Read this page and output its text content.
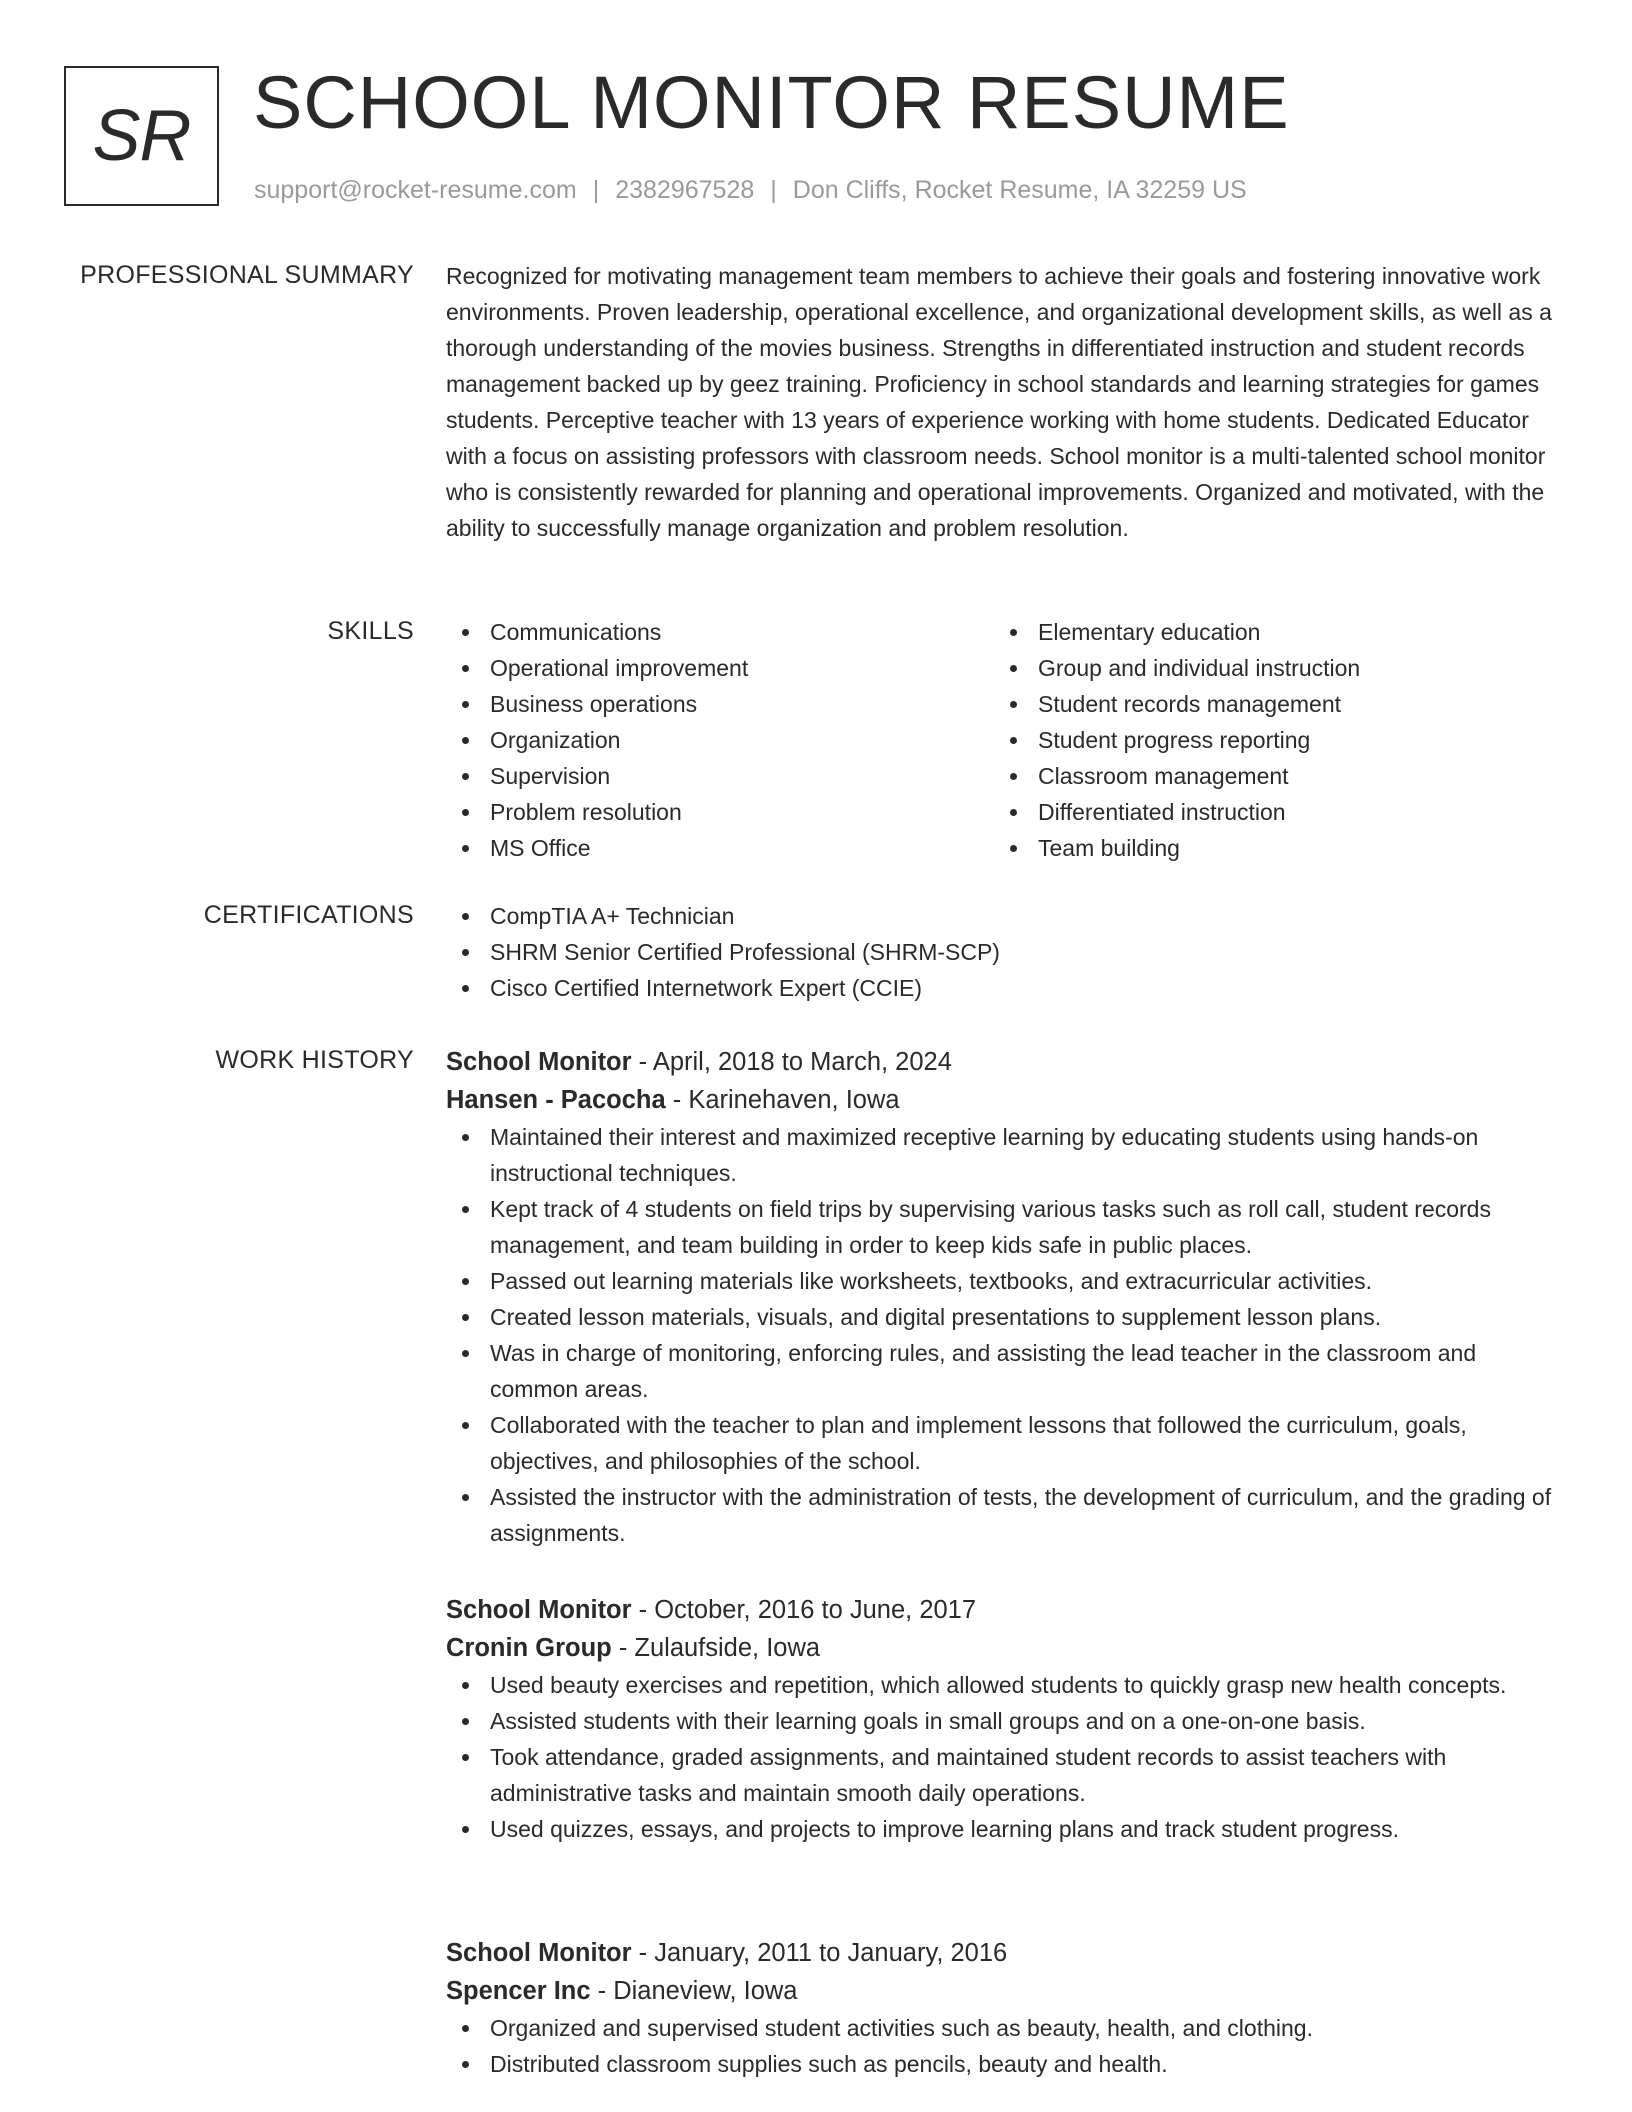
SR SCHOOL MONITOR RESUME
support@rocket-resume.com | 2382967528 | Don Cliffs, Rocket Resume, IA 32259 US
PROFESSIONAL SUMMARY Recognized for motivating management team members to achieve their goals and fostering innovative work environments. Proven leadership, operational excellence, and organizational development skills, as well as a thorough understanding of the movies business. Strengths in differentiated instruction and student records management backed up by geez training. Proficiency in school standards and learning strategies for games students. Perceptive teacher with 13 years of experience working with home students. Dedicated Educator with a focus on assisting professors with classroom needs. School monitor is a multi-talented school monitor who is consistently rewarded for planning and operational improvements. Organized and motivated, with the ability to successfully manage organization and problem resolution.

SKILLS	Communications
Operational improvement
Business operations
Organization
Supervision
Problem resolution
MS Office
Elementary education
Group and individual instruction
Student records management
Student progress reporting
Classroom management
Differentiated instruction
Team building
CERTIFICATIONS	CompTIA A+ Technician
SHRM Senior Certified Professional (SHRM-SCP)
Cisco Certified Internetwork Expert (CCIE)
WORK HISTORY School Monitor - April, 2018 to March, 2024
Hansen - Pacocha - Karinehaven, Iowa
Maintained their interest and maximized receptive learning by educating students using hands-on instructional techniques.
Kept track of 4 students on field trips by supervising various tasks such as roll call, student records management, and team building in order to keep kids safe in public places.
Passed out learning materials like worksheets, textbooks, and extracurricular activities.
Created lesson materials, visuals, and digital presentations to supplement lesson plans.
Was in charge of monitoring, enforcing rules, and assisting the lead teacher in the classroom and common areas.
Collaborated with the teacher to plan and implement lessons that followed the curriculum, goals, objectives, and philosophies of the school.
Assisted the instructor with the administration of tests, the development of curriculum, and the grading of assignments.
School Monitor - October, 2016 to June, 2017
Cronin Group - Zulaufside, Iowa
Used beauty exercises and repetition, which allowed students to quickly grasp new health concepts.
Assisted students with their learning goals in small groups and on a one-on-one basis.
Took attendance, graded assignments, and maintained student records to assist teachers with administrative tasks and maintain smooth daily operations.
Used quizzes, essays, and projects to improve learning plans and track student progress.
School Monitor - January, 2011 to January, 2016
Spencer Inc - Dianeview, Iowa
Organized and supervised student activities such as beauty, health, and clothing.
Distributed classroom supplies such as pencils, beauty and health.
